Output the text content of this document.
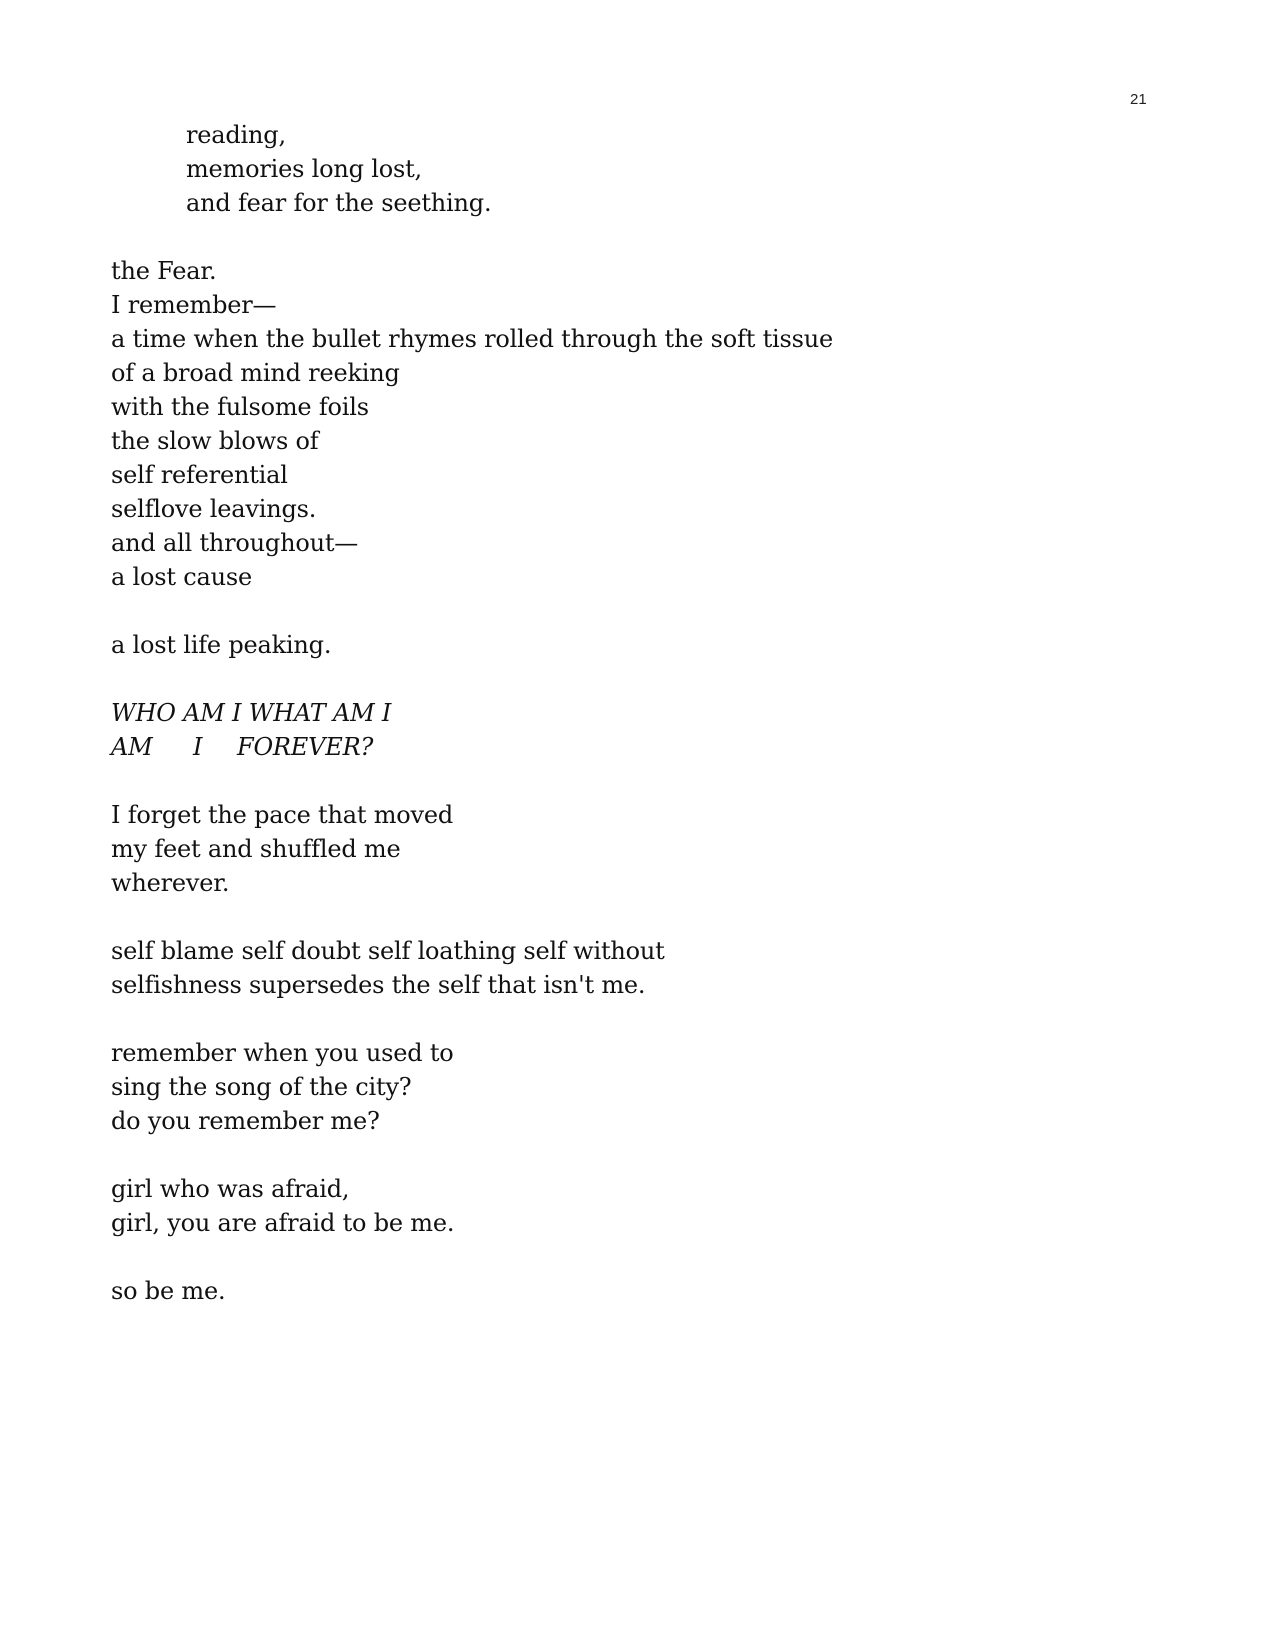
21
reading,
memories long lost,
and fear for the seething.
the Fear.
I remember—
a time when the bullet rhymes rolled through the soft tissue
of a broad mind reeking
with the fulsome foils
the slow blows of
self referential
selflove leavings.
and all throughout—
a lost cause
a lost life peaking.
WHO AM I WHAT AM I
AM I FOREVER?
I forget the pace that moved
my feet and shuffled me
wherever.
self blame self doubt self loathing self without
selfishness supersedes the self that isn't me.
remember when you used to
sing the song of the city?
do you remember me?
girl who was afraid,
girl, you are afraid to be me.
so be me.
